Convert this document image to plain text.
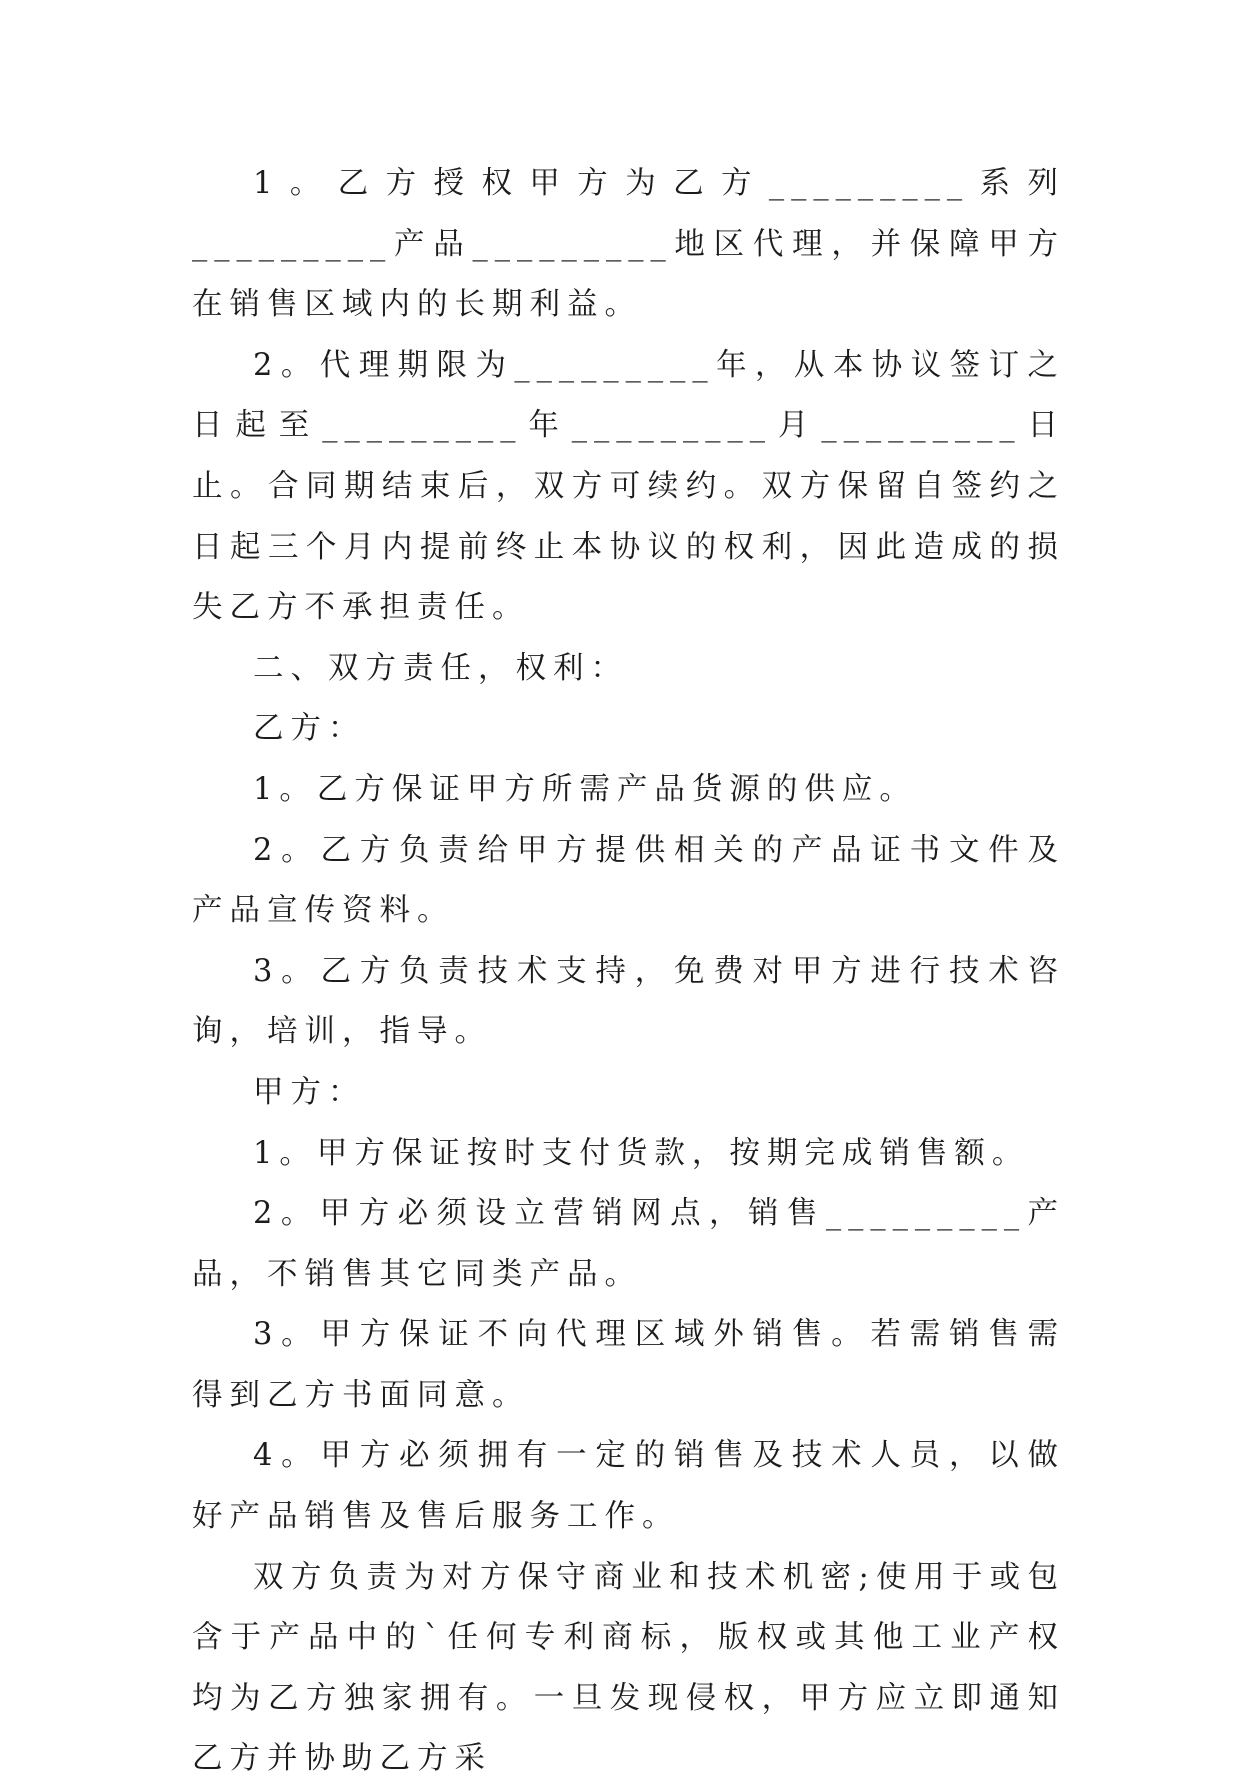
1。乙方授权甲方为乙方_________系列_________产品_________地区代理，并保障甲方在销售区域内的长期利益。

2。代理期限为_________年，从本协议签订之日起至_________年_________月_________日止。合同期结束后，双方可续约。双方保留自签约之日起三个月内提前终止本协议的权利，因此造成的损失乙方不承担责任。

二、双方责任，权利：

乙方：

1。乙方保证甲方所需产品货源的供应。

2。乙方负责给甲方提供相关的产品证书文件及产品宣传资料。

3。乙方负责技术支持，免费对甲方进行技术咨询，培训，指导。

甲方：

1。甲方保证按时支付货款，按期完成销售额。

2。甲方必须设立营销网点，销售_________产品，不销售其它同类产品。

3。甲方保证不向代理区域外销售。若需销售需得到乙方书面同意。

4。甲方必须拥有一定的销售及技术人员，以做好产品销售及售后服务工作。

双方负责为对方保守商业和技术机密;使用于或包含于产品中的`任何专利商标，版权或其他工业产权均为乙方独家拥有。一旦发现侵权，甲方应立即通知乙方并协助乙方采
